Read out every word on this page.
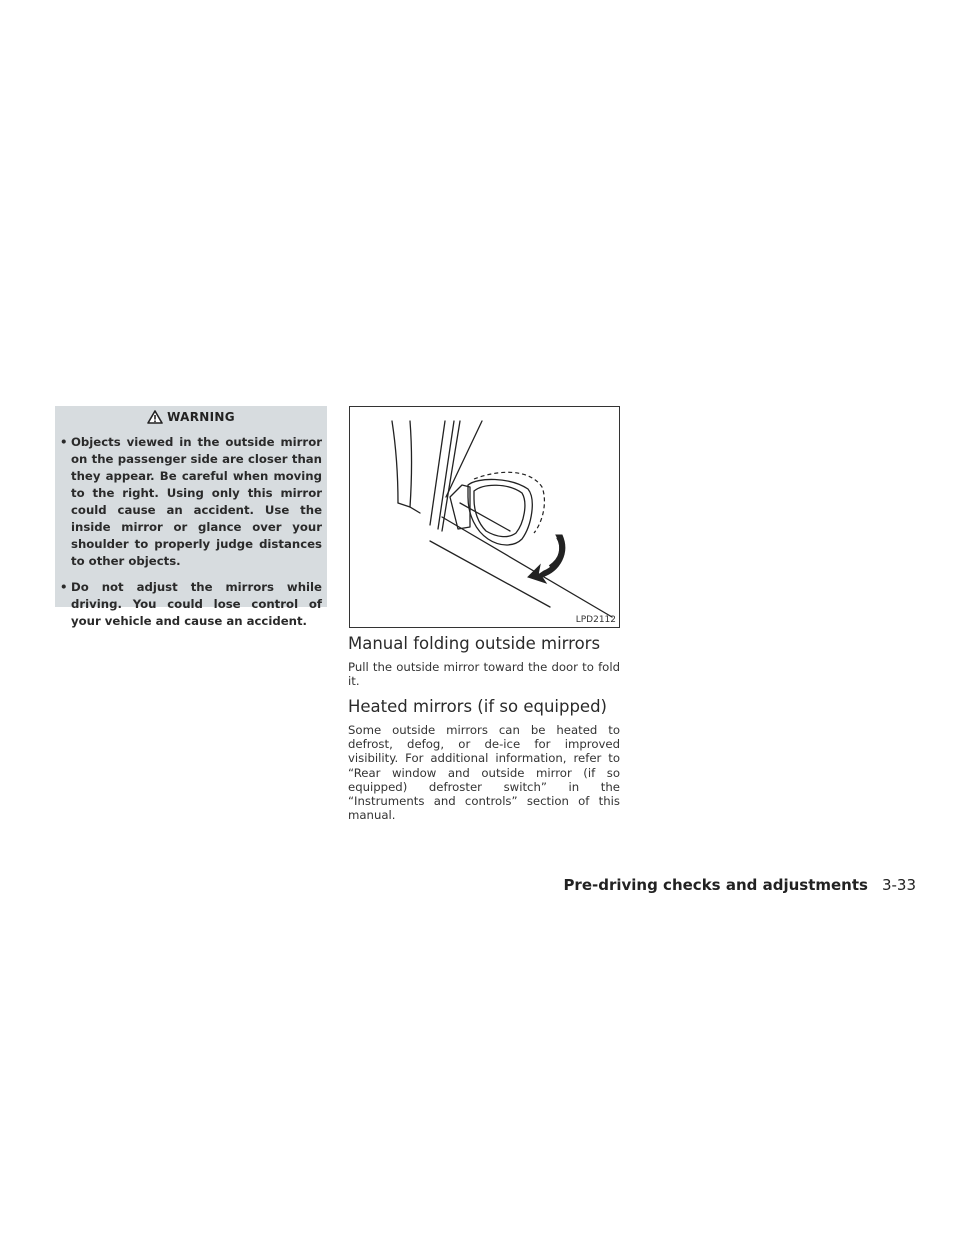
WARNING
• Objects viewed in the outside mirror on the passenger side are closer than they appear. Be careful when moving to the right. Using only this mirror could cause an accident. Use the inside mirror or glance over your shoulder to properly judge distances to other objects.
• Do not adjust the mirrors while driving. You could lose control of your vehicle and cause an accident.	LPD2112
Manual folding outside mirrors

Pull the outside mirror toward the door to fold it.

Heated mirrors (if so equipped)

Some outside mirrors can be heated to defrost, defog, or de-ice for improved visibility. For additional information, refer to “Rear window and outside mirror (if so equipped) defroster switch” in the “Instruments and controls” section of this manual.

Pre-driving checks and adjustments 3-33
